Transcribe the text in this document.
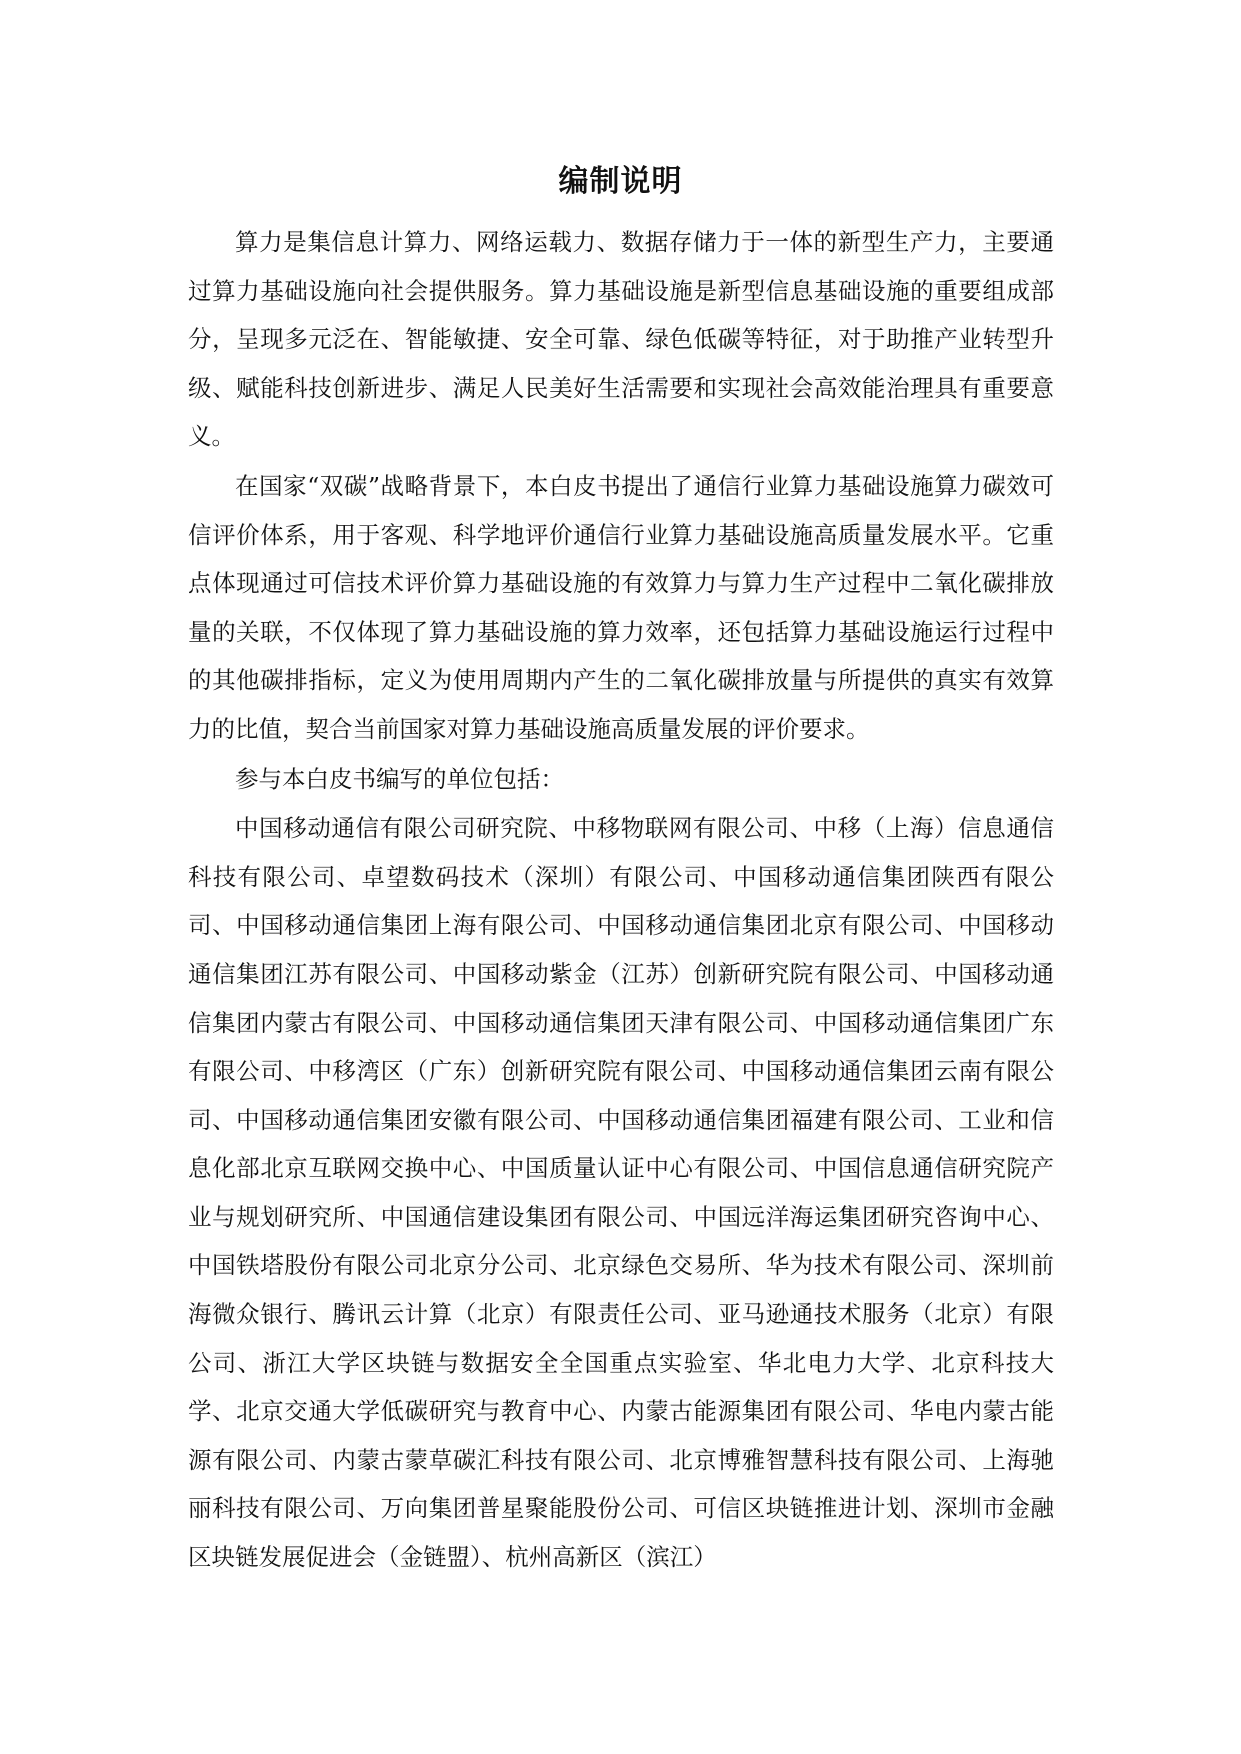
编制说明

算力是集信息计算力、网络运载力、数据存储力于一体的新型生产力，主要通过算力基础设施向社会提供服务。算力基础设施是新型信息基础设施的重要组成部分，呈现多元泛在、智能敏捷、安全可靠、绿色低碳等特征，对于助推产业转型升级、赋能科技创新进步、满足人民美好生活需要和实现社会高效能治理具有重要意义。

在国家“双碳”战略背景下，本白皮书提出了通信行业算力基础设施算力碳效可信评价体系，用于客观、科学地评价通信行业算力基础设施高质量发展水平。它重点体现通过可信技术评价算力基础设施的有效算力与算力生产过程中二氧化碳排放量的关联，不仅体现了算力基础设施的算力效率，还包括算力基础设施运行过程中的其他碳排指标，定义为使用周期内产生的二氧化碳排放量与所提供的真实有效算力的比值，契合当前国家对算力基础设施高质量发展的评价要求。

参与本白皮书编写的单位包括：

中国移动通信有限公司研究院、中移物联网有限公司、中移（上海）信息通信科技有限公司、卓望数码技术（深圳）有限公司、中国移动通信集团陕西有限公司、中国移动通信集团上海有限公司、中国移动通信集团北京有限公司、中国移动通信集团江苏有限公司、中国移动紫金（江苏）创新研究院有限公司、中国移动通信集团内蒙古有限公司、中国移动通信集团天津有限公司、中国移动通信集团广东有限公司、中移湾区（广东）创新研究院有限公司、中国移动通信集团云南有限公司、中国移动通信集团安徽有限公司、中国移动通信集团福建有限公司、工业和信息化部北京互联网交换中心、中国质量认证中心有限公司、中国信息通信研究院产业与规划研究所、中国通信建设集团有限公司、中国远洋海运集团研究咨询中心、中国铁塔股份有限公司北京分公司、北京绿色交易所、华为技术有限公司、深圳前海微众银行、腾讯云计算（北京）有限责任公司、亚马逊通技术服务（北京）有限公司、浙江大学区块链与数据安全全国重点实验室、华北电力大学、北京科技大学、北京交通大学低碳研究与教育中心、内蒙古能源集团有限公司、华电内蒙古能源有限公司、内蒙古蒙草碳汇科技有限公司、北京博雅智慧科技有限公司、上海驰丽科技有限公司、万向集团普星聚能股份公司、可信区块链推进计划、深圳市金融区块链发展促进会（金链盟）、杭州高新区（滨江）
